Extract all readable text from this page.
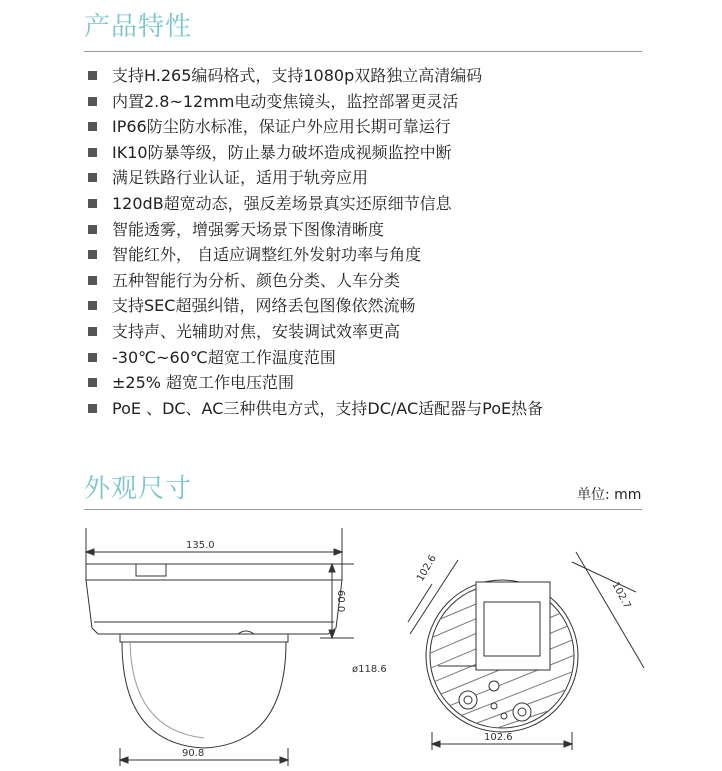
产品特性
支持H.265编码格式，支持1080p双路独立高清编码
内置2.8~12mm电动变焦镜头，监控部署更灵活
IP66防尘防水标准，保证户外应用长期可靠运行
IK10防暴等级，防止暴力破坏造成视频监控中断
满足铁路行业认证，适用于轨旁应用
120dB超宽动态，强反差场景真实还原细节信息
智能透雾，增强雾天场景下图像清晰度
智能红外， 自适应调整红外发射功率与角度
五种智能行为分析、颜色分类、人车分类
支持SEC超强纠错，网络丢包图像依然流畅
支持声、光辅助对焦，安装调试效率更高
-30℃~60℃超宽工作温度范围
±25% 超宽工作电压范围
PoE 、DC、AC三种供电方式，支持DC/AC适配器与PoE热备
外观尺寸	单位: mm
135.0
60.0
90.8
102.6
102.7
ø118.6
102.6
